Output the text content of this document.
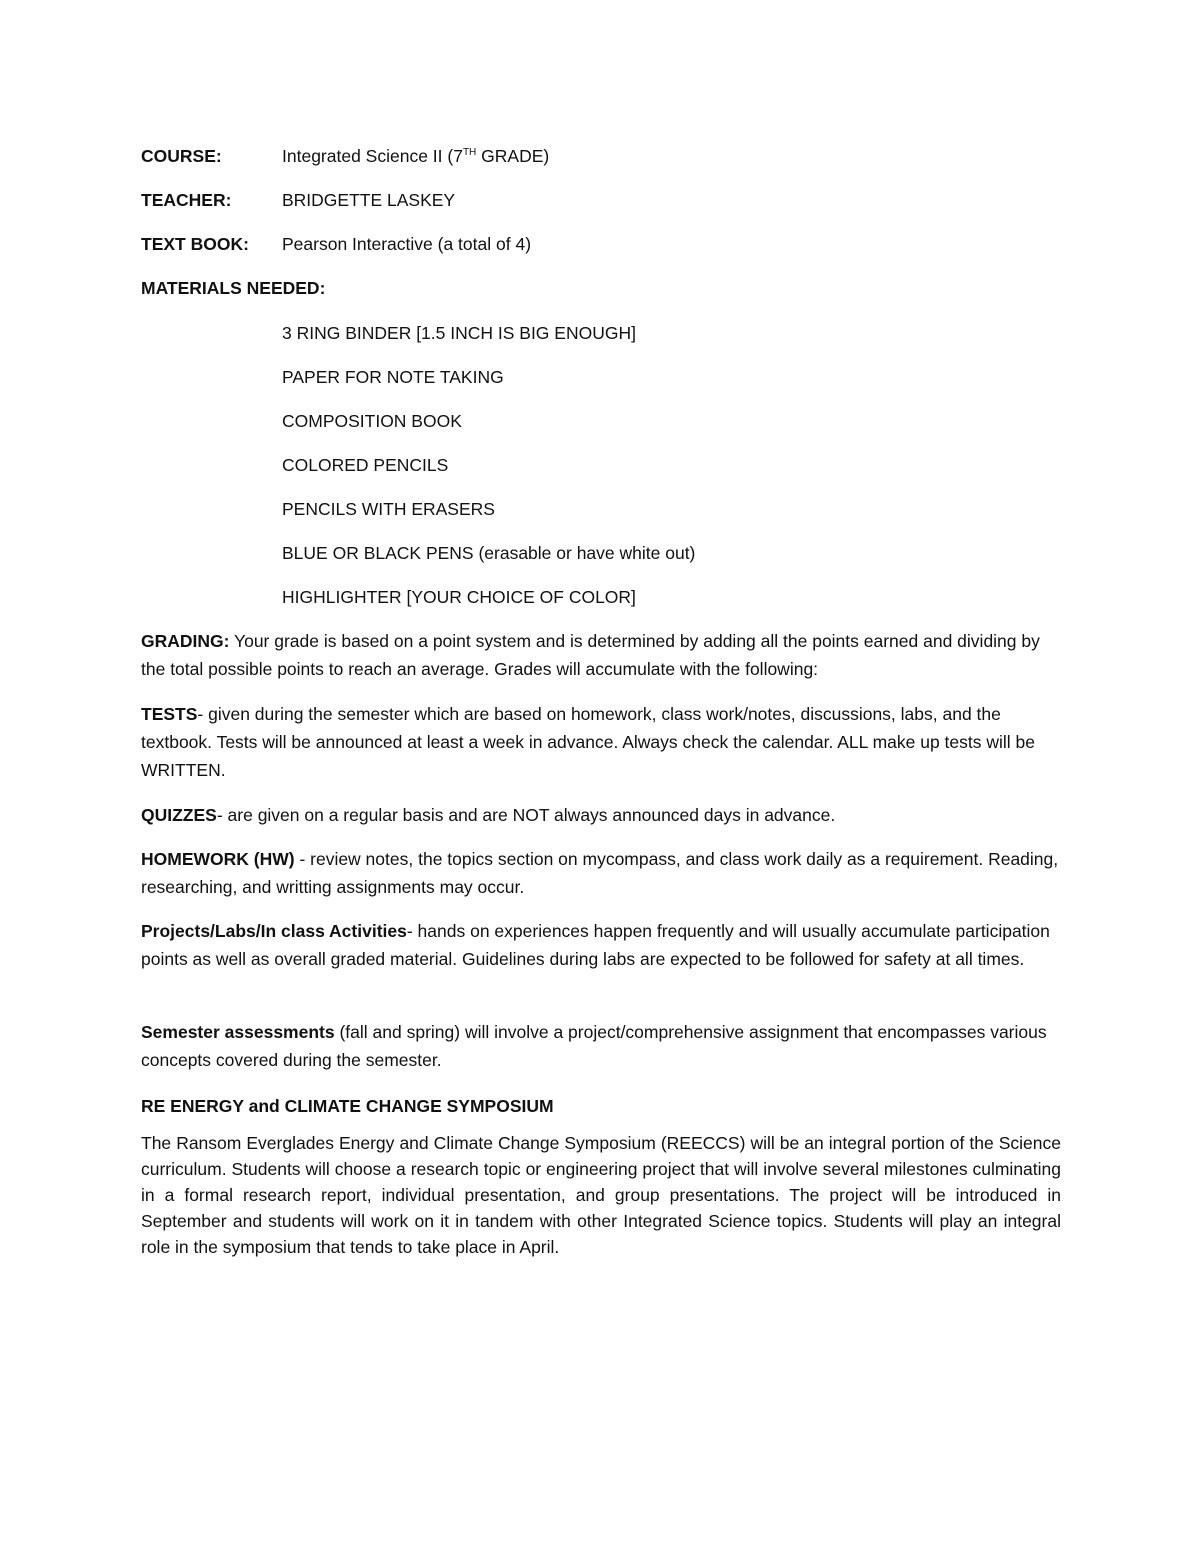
COURSE:	Integrated Science II (7TH GRADE)
TEACHER:	BRIDGETTE LASKEY
TEXT BOOK: Pearson Interactive (a total of 4)
MATERIALS NEEDED:
3 RING BINDER [1.5 INCH IS BIG ENOUGH]
PAPER FOR NOTE TAKING
COMPOSITION BOOK
COLORED PENCILS
PENCILS WITH ERASERS
BLUE OR BLACK PENS (erasable or have white out)
HIGHLIGHTER [YOUR CHOICE OF COLOR]
GRADING: Your grade is based on a point system and is determined by adding all the points earned and dividing by the total possible points to reach an average. Grades will accumulate with the following:
TESTS- given during the semester which are based on homework, class work/notes, discussions, labs, and the textbook. Tests will be announced at least a week in advance. Always check the calendar. ALL make up tests will be WRITTEN.
QUIZZES- are given on a regular basis and are NOT always announced days in advance.
HOMEWORK (HW) - review notes, the topics section on mycompass, and class work daily as a requirement. Reading, researching, and writting assignments may occur.
Projects/Labs/In class Activities- hands on experiences happen frequently and will usually accumulate participation points as well as overall graded material. Guidelines during labs are expected to be followed for safety at all times.
Semester assessments (fall and spring) will involve a project/comprehensive assignment that encompasses various concepts covered during the semester.
RE ENERGY and CLIMATE CHANGE SYMPOSIUM
The Ransom Everglades Energy and Climate Change Symposium (REECCS) will be an integral portion of the Science curriculum. Students will choose a research topic or engineering project that will involve several milestones culminating in a formal research report, individual presentation, and group presentations. The project will be introduced in September and students will work on it in tandem with other Integrated Science topics. Students will play an integral role in the symposium that tends to take place in April.
